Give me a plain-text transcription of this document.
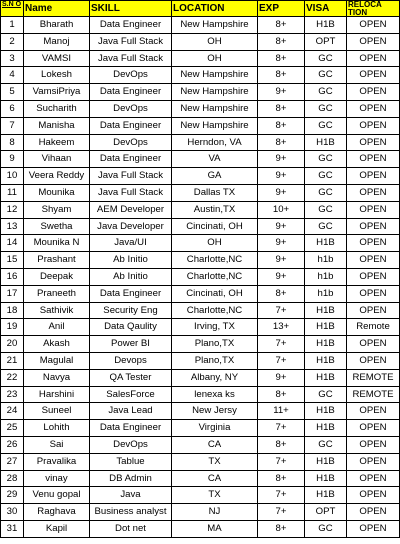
S.N O	Name	SKILL	LOCATION	EXP	VISA	RELOCA TION
1	Bharath	Data Engineer	New Hampshire	8+	H1B	OPEN
2	Manoj	Java Full Stack	OH	8+	OPT	OPEN
3	VAMSI	Java Full Stack	OH	8+	GC	OPEN
4	Lokesh	DevOps	New Hampshire	8+	GC	OPEN
5	VamsiPriya	Data Engineer	New Hampshire	9+	GC	OPEN
6	Sucharith	DevOps	New Hampshire	8+	GC	OPEN
7	Manisha	Data Engineer	New Hampshire	8+	GC	OPEN
8	Hakeem	DevOps	Herndon, VA	8+	H1B	OPEN
9	Vihaan	Data Engineer	VA	9+	GC	OPEN
10	Veera Reddy	Java Full Stack	GA	9+	GC	OPEN
11	Mounika	Java Full Stack	Dallas TX	9+	GC	OPEN
12	Shyam	AEM Developer	Austin,TX	10+	GC	OPEN
13	Swetha	Java Developer	Cincinati, OH	9+	GC	OPEN
14	Mounika N	Java/UI	OH	9+	H1B	OPEN
15	Prashant	Ab Initio	Charlotte,NC	9+	h1b	OPEN
16	Deepak	Ab Initio	Charlotte,NC	9+	h1b	OPEN
17	Praneeth	Data Engineer	Cincinati, OH	8+	h1b	OPEN
18	Sathivik	Security Eng	Charlotte,NC	7+	H1B	OPEN
19	Anil	Data Qaulity	Irving, TX	13+	H1B	Remote
20	Akash	Power BI	Plano,TX	7+	H1B	OPEN
21	Magulal	Devops	Plano,TX	7+	H1B	OPEN
22	Navya	QA Tester	Albany, NY	9+	H1B	REMOTE
23	Harshini	SalesForce	lenexa ks	8+	GC	REMOTE
24	Suneel	Java Lead	New Jersy	11+	H1B	OPEN
25	Lohith	Data Engineer	Virginia	7+	H1B	OPEN
26	Sai	DevOps	CA	8+	GC	OPEN
27	Pravalika	Tablue	TX	7+	H1B	OPEN
28	vinay	DB Admin	CA	8+	H1B	OPEN
29	Venu gopal	Java	TX	7+	H1B	OPEN
30	Raghava	Business analyst	NJ	7+	OPT	OPEN
31	Kapil	Dot net	MA	8+	GC	OPEN
